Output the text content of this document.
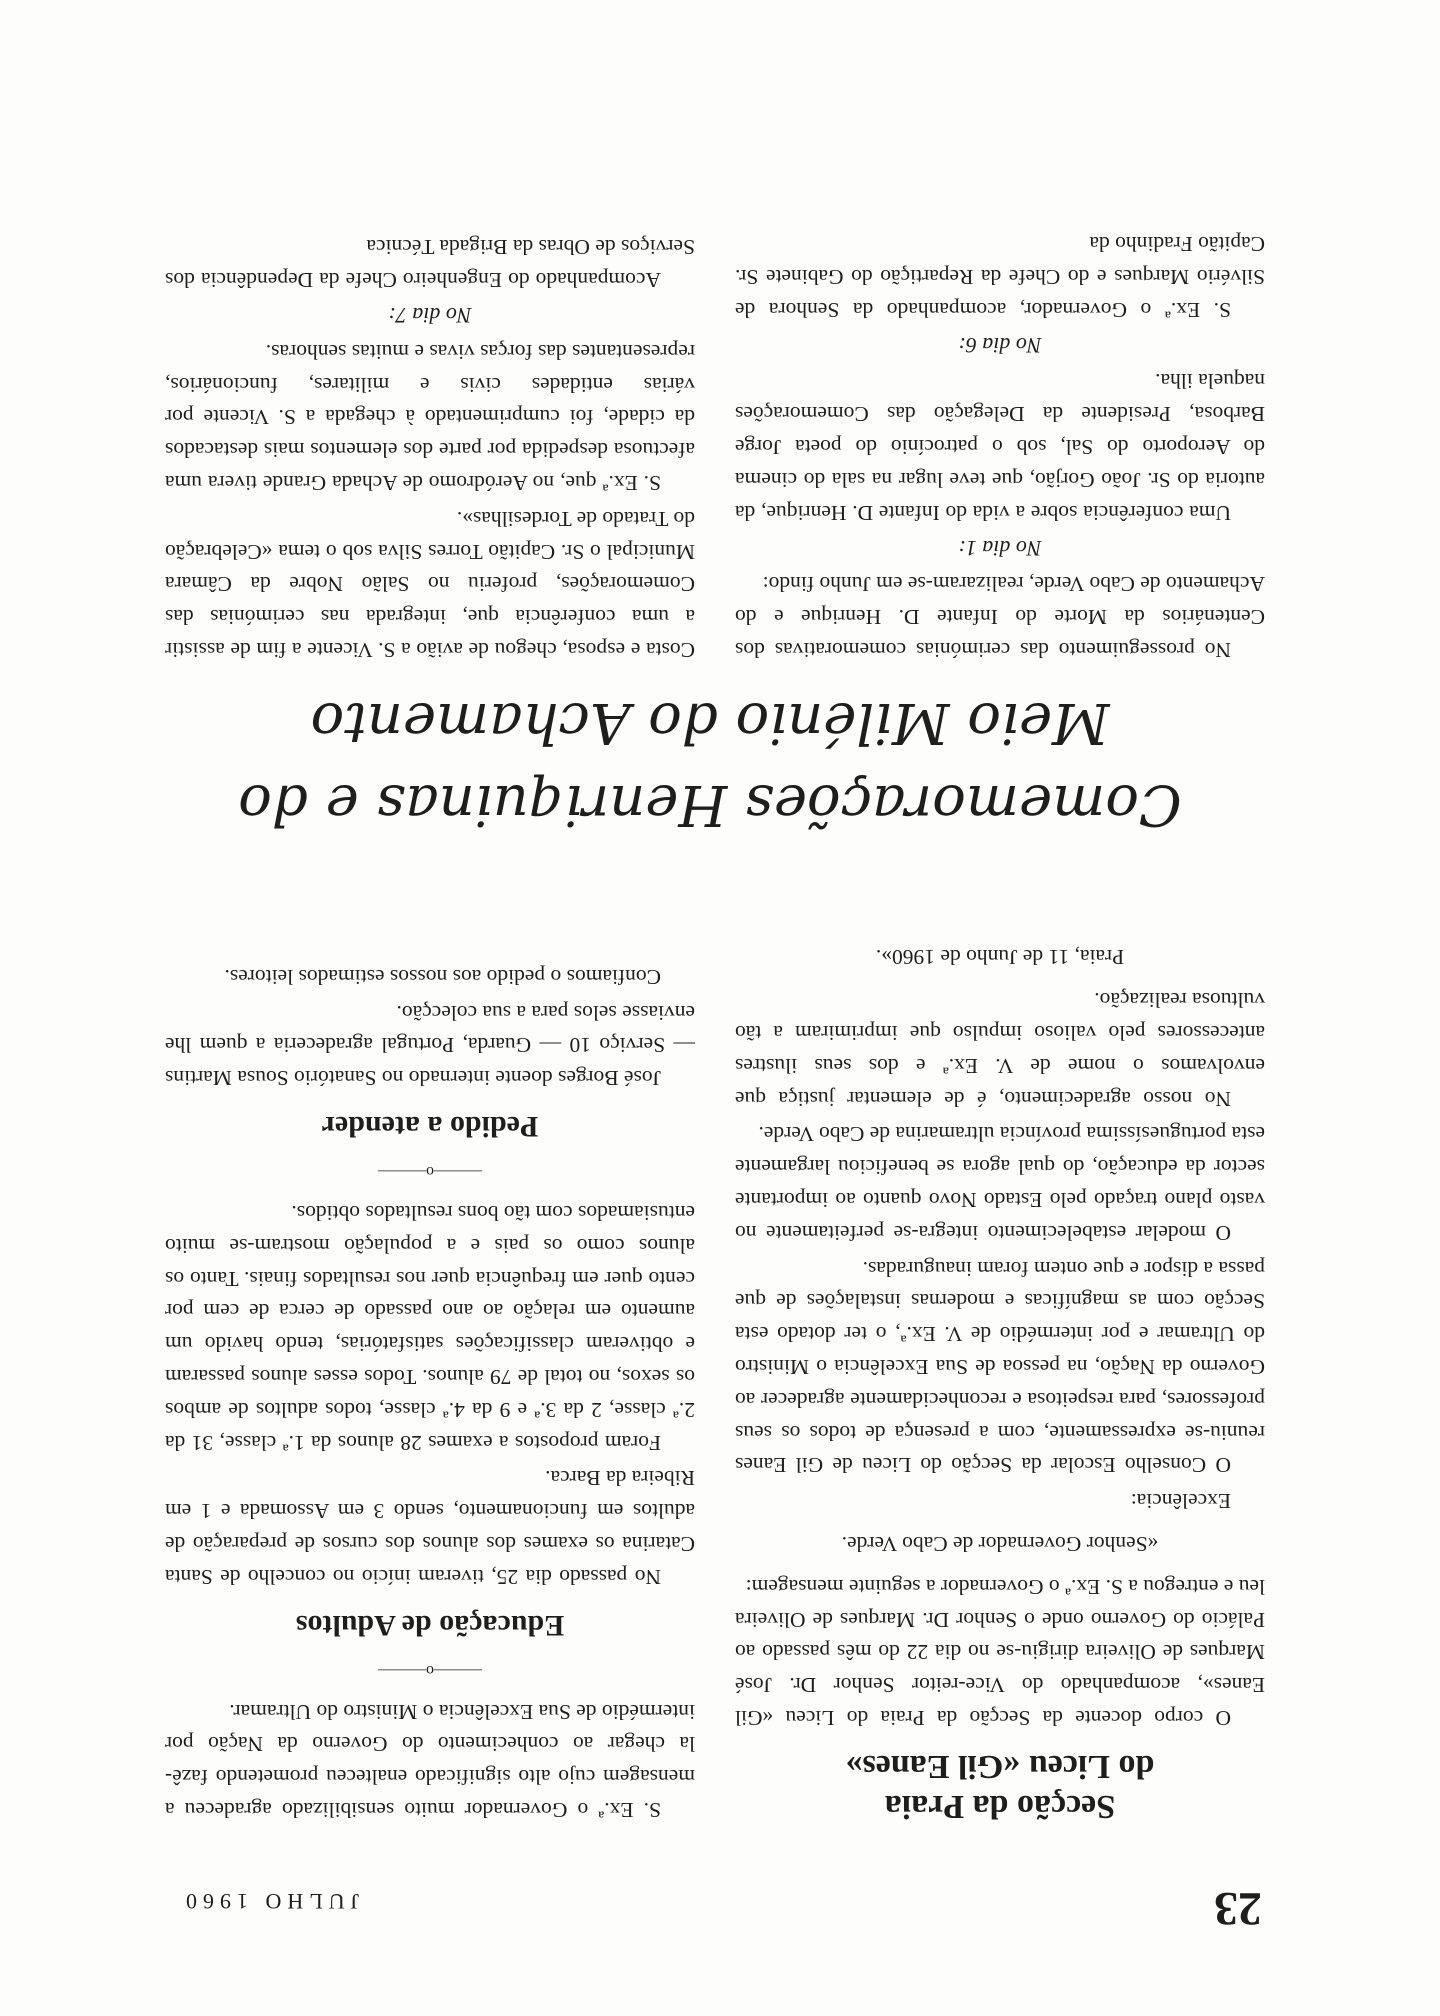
23
JULHO 1960
Secção da Praia
do Liceu «Gil Eanes»

O corpo docente da Secção da Praia do Liceu «Gil Eanes», acompanhado do Vice-reitor Senhor Dr. José Marques de Oliveira dirigiu-se no dia 22 do mês passado ao Palácio do Governo onde o Senhor Dr. Marques de Oliveira leu e entregou a S. Ex.ª o Governador a seguinte mensagem:

«Senhor Governador de Cabo Verde.

Excelência:

O Conselho Escolar da Secção do Liceu de Gil Eanes reuniu-se expressamente, com a presença de todos os seus professores, para respeitosa e reconhecidamente agradecer ao Governo da Nação, na pessoa de Sua Excelência o Ministro do Ultramar e por intermédio de V. Ex.ª, o ter dotado esta Secção com as magníficas e modernas instalações de que passa a dispor e que ontem foram inauguradas.

O modelar estabelecimento integra-se perfeitamente no vasto plano traçado pelo Estado Novo quanto ao importante sector da educação, do qual agora se beneficiou largamente esta portuguesíssima província ultramarina de Cabo Verde.

No nosso agradecimento, é de elementar justiça que envolvamos o nome de V. Ex.ª e dos seus ilustres antecessores pelo valioso impulso que imprimiram a tão vultuosa realização.

Praia, 11 de Junho de 1960».

S. Ex.ª o Governador muito sensibilizado agradeceu a mensagem cujo alto significado enalteceu prometendo fazê-la chegar ao conhecimento do Governo da Nação por intermédio de Sua Excelência o Ministro do Ultramar.

———o———
Educação de Adultos

No passado dia 25, tiveram início no concelho de Santa Catarina os exames dos alunos dos cursos de preparação de adultos em funcionamento, sendo 3 em Assomada e 1 em Ribeira da Barca.

Foram propostos a exames 28 alunos da 1.ª classe, 31 da 2.ª classe, 2 da 3.ª e 9 da 4.ª classe, todos adultos de ambos os sexos, no total de 79 alunos. Todos esses alunos passaram e obtiveram classificações satisfatórias, tendo havido um aumento em relação ao ano passado de cerca de cem por cento quer em frequência quer nos resultados finais. Tanto os alunos como os pais e a população mostram-se muito entusiamados com tão bons resultados obtidos.

———o———
Pedido a atender

José Borges doente internado no Sanatório Sousa Martins — Serviço 10 — Guarda, Portugal agradeceria a quem lhe enviasse selos para a sua colecção.

Confiamos o pedido aos nossos estimados leitores.

Comemorações Henriquinas e do
Meio Milénio do Achamento

No prosseguimento das cerimónias comemorativas dos Centenários da Morte do Infante D. Henrique e do Achamento de Cabo Verde, realizaram-se em Junho findo:

No dia 1:

Uma conferência sobre a vida do Infante D. Henrique, da autoria do Sr. João Gorjão, que teve lugar na sala do cinema do Aeroporto do Sal, sob o patrocínio do poeta Jorge Barbosa, Presidente da Delegação das Comemorações naquela ilha.

No dia 6:

S. Ex.ª o Governador, acompanhado da Senhora de Silvério Marques e do Chefe da Repartição do Gabinete Sr. Capitão Fradinho da

Costa e esposa, chegou de avião a S. Vicente a fim de assistir a uma conferência que, integrada nas cerimónias das Comemorações, proferiu no Salão Nobre da Câmara Municipal o Sr. Capitão Torres Silva sob o tema «Celebração do Tratado de Tordesilhas».

S. Ex.ª que, no Aeródromo de Achada Grande tivera uma afectuosa despedida por parte dos elementos mais destacados da cidade, foi cumprimentado à chegada a S. Vicente por várias entidades civis e militares, funcionários, representantes das forças vivas e muitas senhoras.

No dia 7:

Acompanhado do Engenheiro Chefe da Dependência dos Serviços de Obras da Brigada Técnica
